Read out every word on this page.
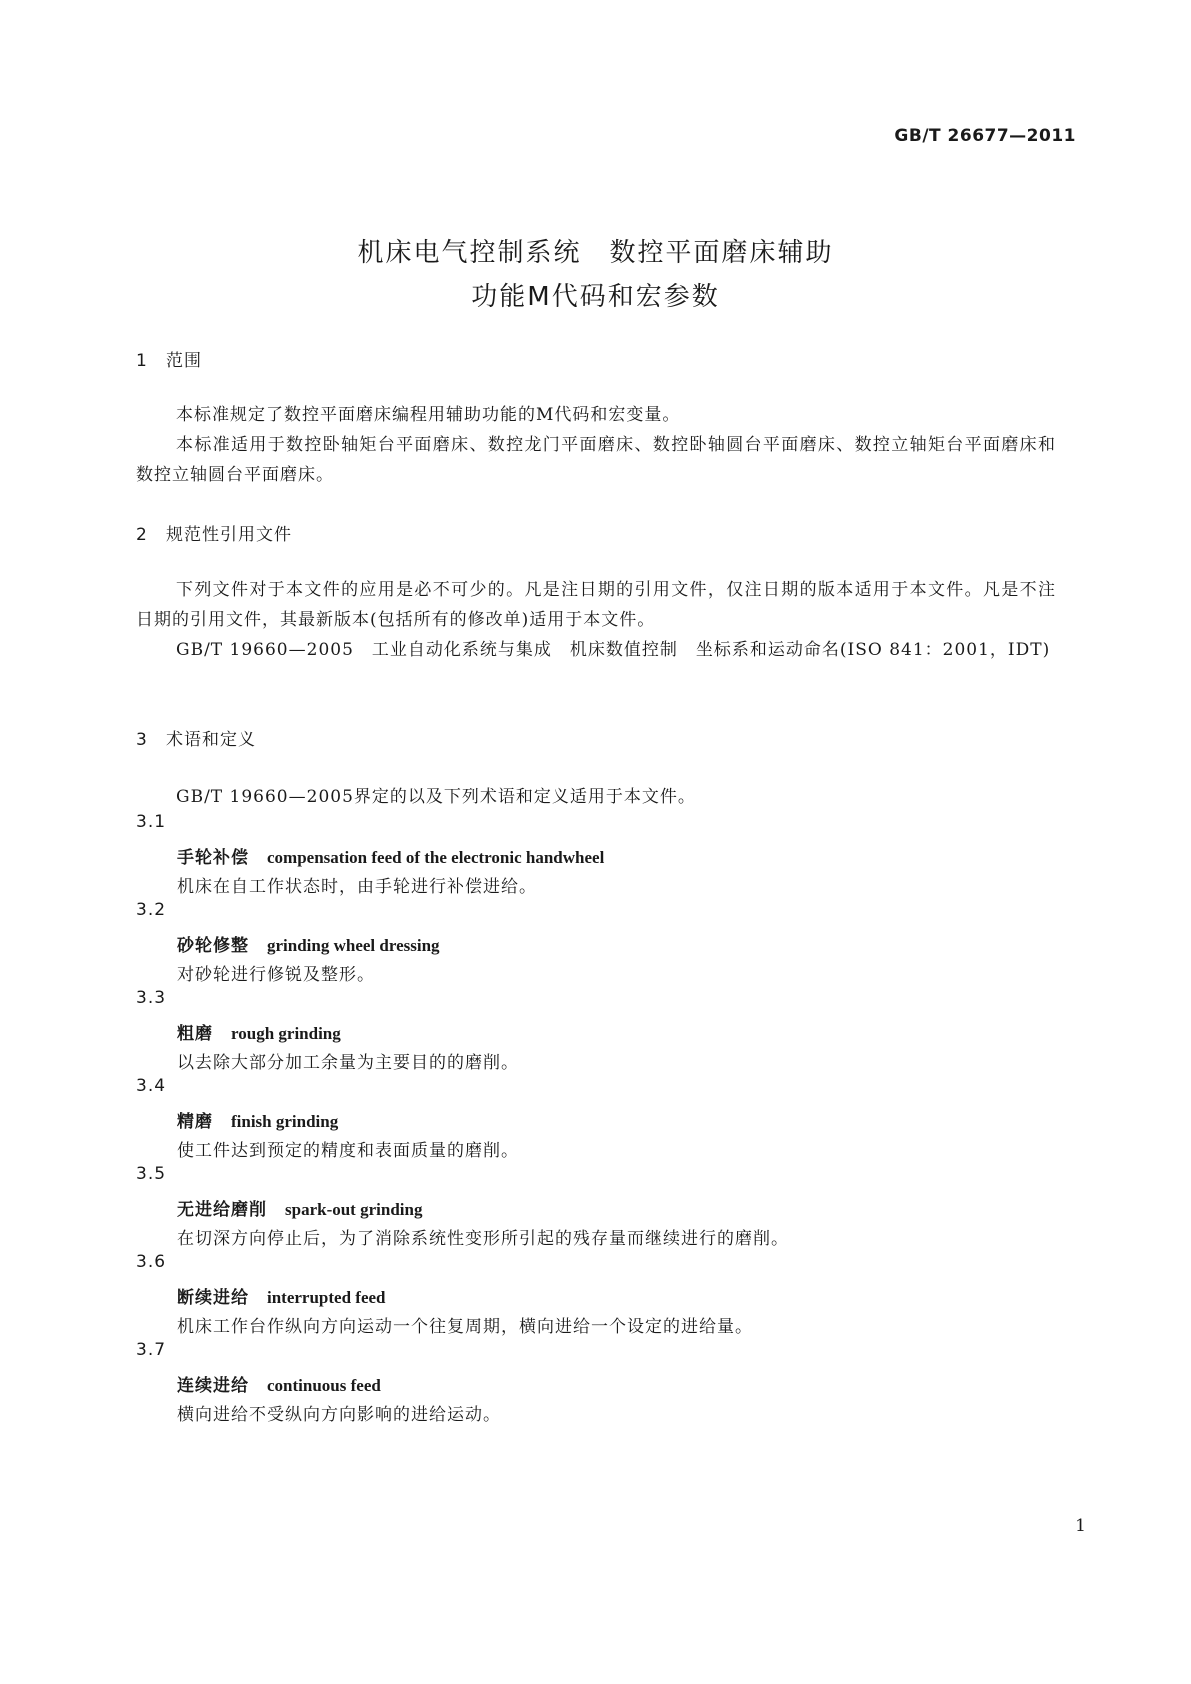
GB/T 26677—2011
机床电气控制系统　数控平面磨床辅助
功能M代码和宏参数
1 范围

本标准规定了数控平面磨床编程用辅助功能的M代码和宏变量。

本标准适用于数控卧轴矩台平面磨床、数控龙门平面磨床、数控卧轴圆台平面磨床、数控立轴矩台平面磨床和数控立轴圆台平面磨床。

2 规范性引用文件

下列文件对于本文件的应用是必不可少的。凡是注日期的引用文件，仅注日期的版本适用于本文件。凡是不注日期的引用文件，其最新版本(包括所有的修改单)适用于本文件。

GB/T 19660—2005　工业自动化系统与集成　机床数值控制　坐标系和运动命名(ISO 841：2001，IDT)

3 术语和定义

GB/T 19660—2005界定的以及下列术语和定义适用于本文件。

3.1
手轮补偿 compensation feed of the electronic handwheel
机床在自工作状态时，由手轮进行补偿进给。
3.2
砂轮修整 grinding wheel dressing
对砂轮进行修锐及整形。
3.3
粗磨 rough grinding
以去除大部分加工余量为主要目的的磨削。
3.4
精磨 finish grinding
使工件达到预定的精度和表面质量的磨削。
3.5
无进给磨削 spark-out grinding
在切深方向停止后，为了消除系统性变形所引起的残存量而继续进行的磨削。
3.6
断续进给 interrupted feed
机床工作台作纵向方向运动一个往复周期，横向进给一个设定的进给量。
3.7
连续进给 continuous feed
横向进给不受纵向方向影响的进给运动。
1
